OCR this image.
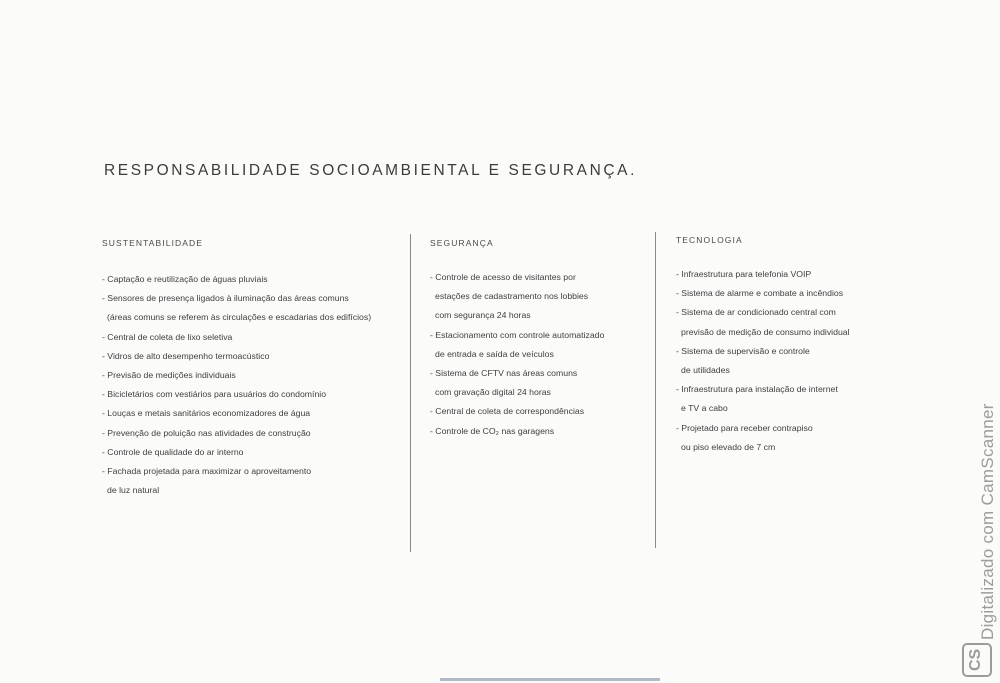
RESPONSABILIDADE SOCIOAMBIENTAL E SEGURANÇA.

SUSTENTABILIDADE

- Captação e reutilização de águas pluviais
- Sensores de presença ligados à iluminação das áreas comuns

(áreas comuns se referem às circulações e escadarias dos edifícios)
- Central de coleta de lixo seletiva
- Vidros de alto desempenho termoacústico
- Previsão de medições individuais
- Bicicletários com vestiários para usuários do condomínio
- Louças e metais sanitários economizadores de água
- Prevenção de poluição nas atividades de construção
- Controle de qualidade do ar interno
- Fachada projetada para maximizar o aproveitamento

de luz natural

SEGURANÇA

- Controle de acesso de visitantes por

estações de cadastramento nos lobbies
com segurança 24 horas
- Estacionamento com controle automatizado

de entrada e saída de veículos
- Sistema de CFTV nas áreas comuns

com gravação digital 24 horas
- Central de coleta de correspondências
- Controle de CO₂ nas garagens

TECNOLOGIA

- Infraestrutura para telefonia VOIP
- Sistema de alarme e combate a incêndios
- Sistema de ar condicionado central com

previsão de medição de consumo individual
- Sistema de supervisão e controle

de utilidades
- Infraestrutura para instalação de internet

e TV a cabo
- Projetado para receber contrapiso

ou piso elevado de 7 cm	Digitalizado com CamScanner
CS
